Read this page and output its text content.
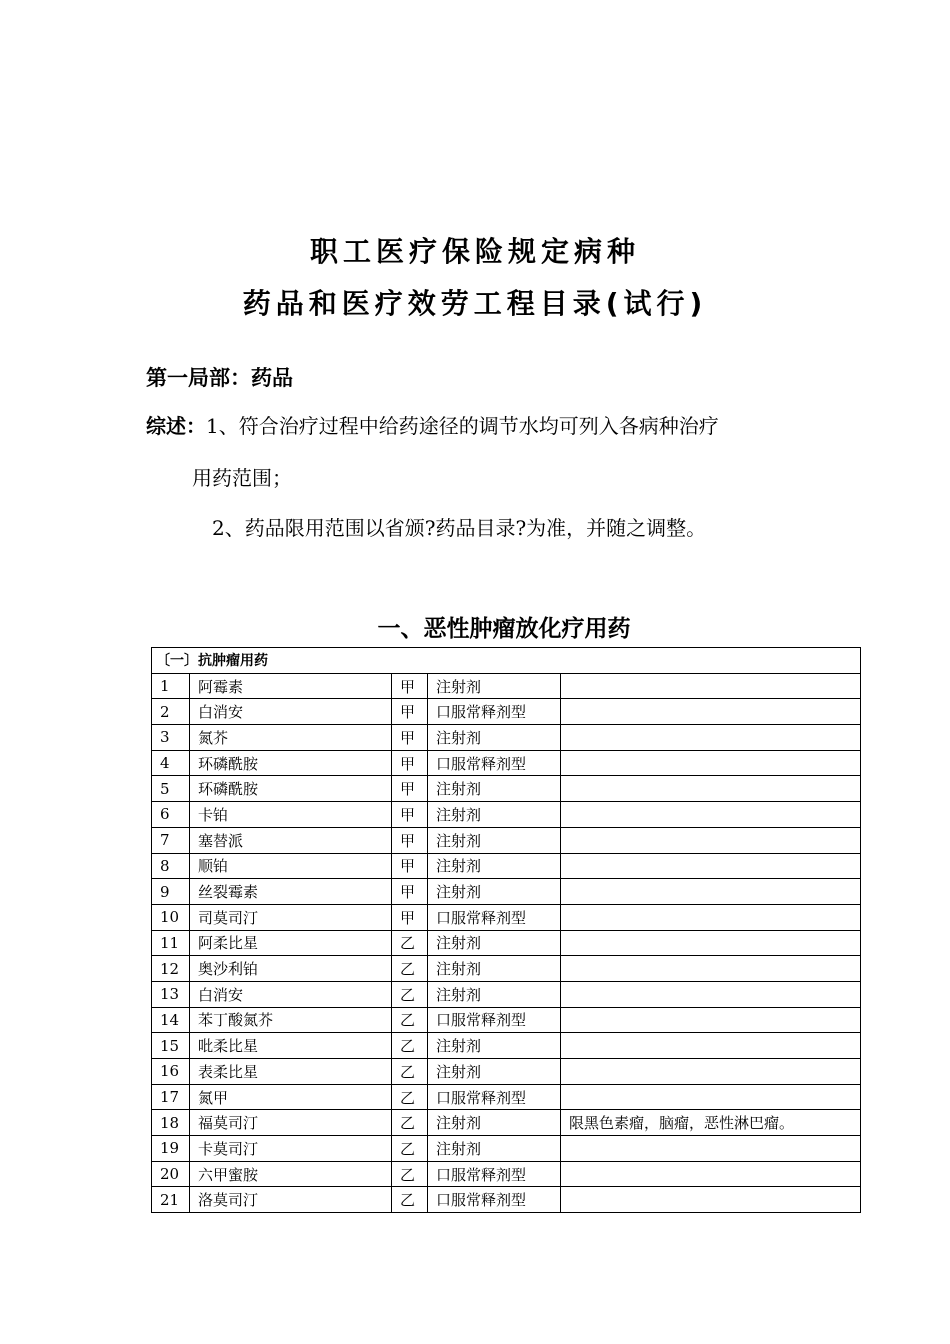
职工医疗保险规定病种
药品和医疗效劳工程目录(试行)
第一局部：药品
综述：1、符合治疗过程中给药途径的调节水均可列入各病种治疗
用药范围；
2、药品限用范围以省颁?药品目录?为准，并随之调整。
一、恶性肿瘤放化疗用药
〔一〕抗肿瘤用药				
1	阿霉素	甲	注射剂	
2	白消安	甲	口服常释剂型	
3	氮芥	甲	注射剂	
4	环磷酰胺	甲	口服常释剂型	
5	环磷酰胺	甲	注射剂	
6	卡铂	甲	注射剂	
7	塞替派	甲	注射剂	
8	顺铂	甲	注射剂	
9	丝裂霉素	甲	注射剂	
10	司莫司汀	甲	口服常释剂型	
11	阿柔比星	乙	注射剂	
12	奥沙利铂	乙	注射剂	
13	白消安	乙	注射剂	
14	苯丁酸氮芥	乙	口服常释剂型	
15	吡柔比星	乙	注射剂	
16	表柔比星	乙	注射剂	
17	氮甲	乙	口服常释剂型	
18	福莫司汀	乙	注射剂	限黑色素瘤，脑瘤，恶性淋巴瘤。
19	卡莫司汀	乙	注射剂	
20	六甲蜜胺	乙	口服常释剂型	
21	洛莫司汀	乙	口服常释剂型	
